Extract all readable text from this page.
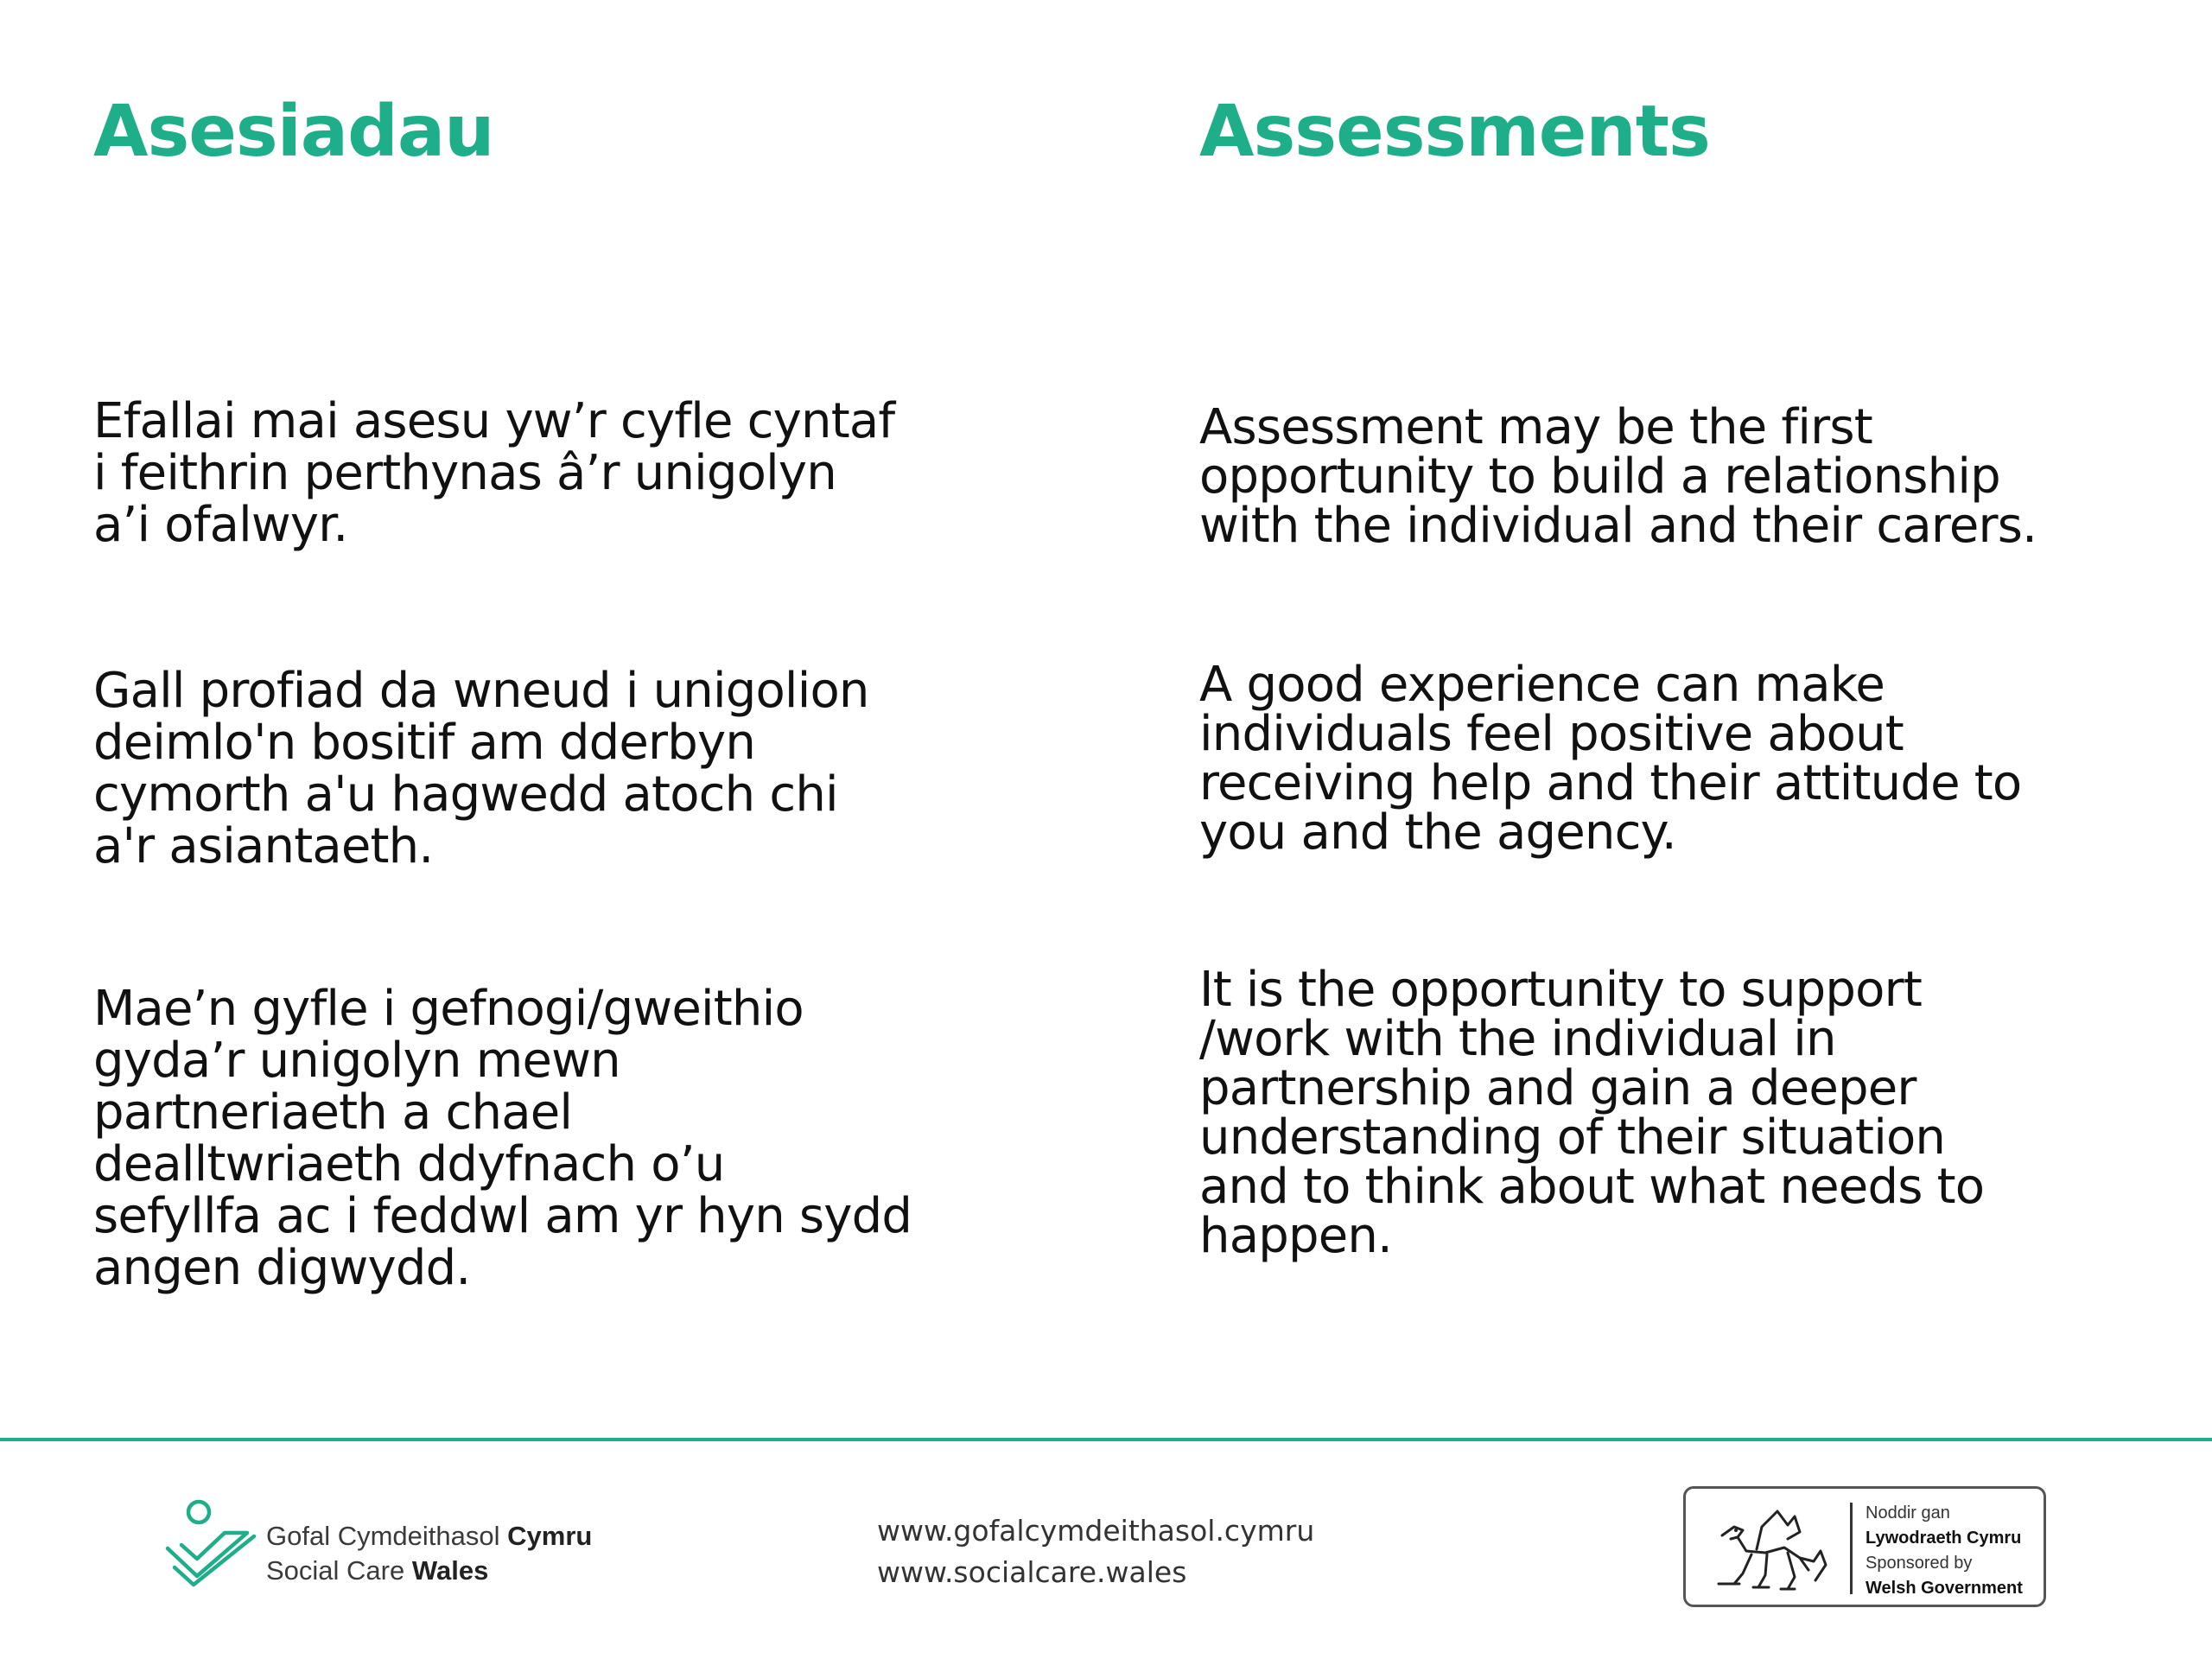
Asesiadau	Assessments

Efallai mai asesu yw’r cyfle cyntaf
i feithrin perthynas â’r unigolyn
a’i ofalwyr.

Gall profiad da wneud i unigolion
deimlo'n bositif am dderbyn
cymorth a'u hagwedd atoch chi
a'r asiantaeth.

Mae’n gyfle i gefnogi/gweithio
gyda’r unigolyn mewn
partneriaeth a chael
dealltwriaeth ddyfnach o’u
sefyllfa ac i feddwl am yr hyn sydd
angen digwydd.

Assessment may be the first
opportunity to build a relationship
with the individual and their carers.

A good experience can make
individuals feel positive about
receiving help and their attitude to
you and the agency.

It is the opportunity to support
/work with the individual in
partnership and gain a deeper
understanding of their situation
and to think about what needs to
happen.

Gofal Cymdeithasol Cymru
Social Care Wales
www.gofalcymdeithasol.cymru
www.socialcare.wales
Noddir gan
Lywodraeth Cymru
Sponsored by
Welsh Government
